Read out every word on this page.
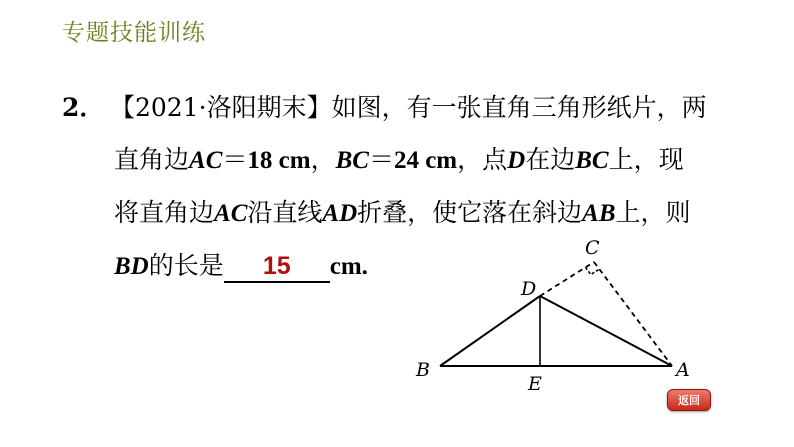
专题技能训练
2． 【2021·洛阳期末】如图，有一张直角三角形纸片，两
直角边AC＝18 cm，BC＝24 cm，点D在边BC上，现
将直角边AC沿直线AD折叠，使它落在斜边AB上，则
BD的长是 15 cm.
B	A
C
D
E
返回
